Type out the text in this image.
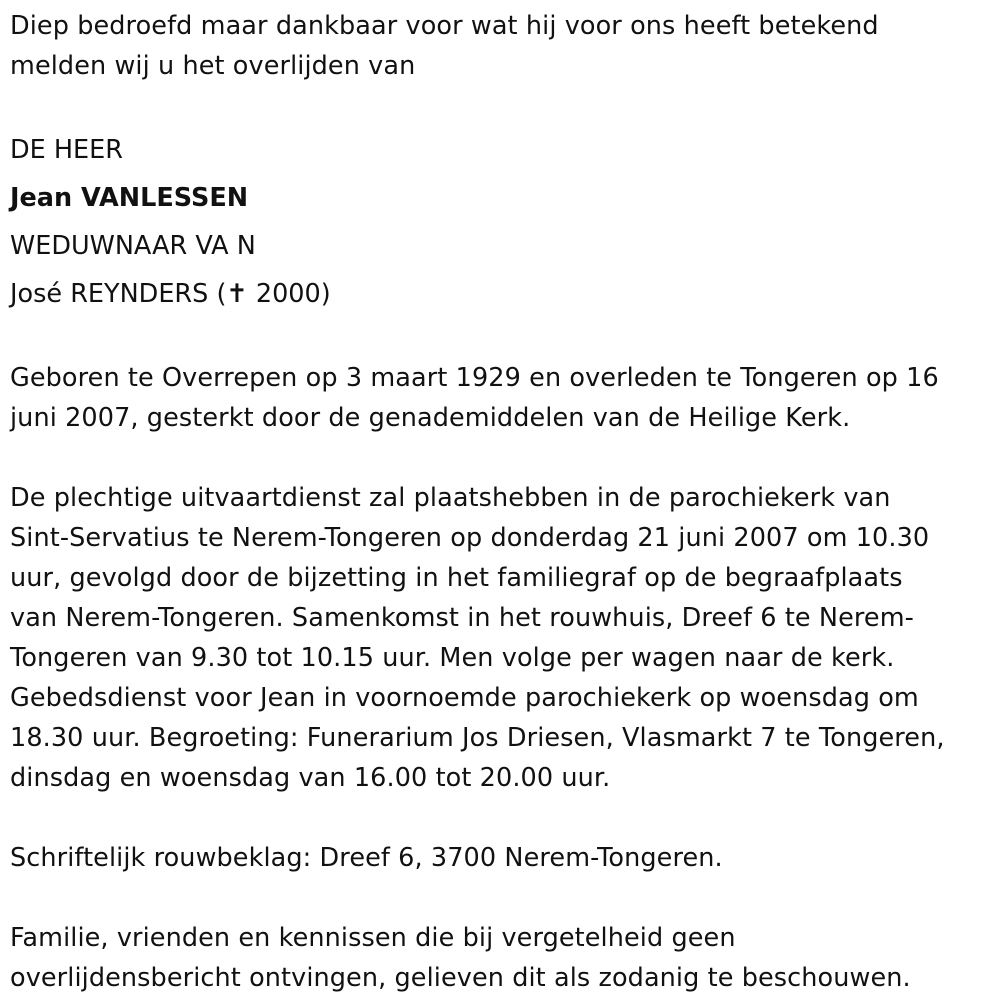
Diep bedroefd maar dankbaar voor wat hij voor ons heeft betekend
melden wij u het overlijden van
DE HEER
Jean VANLESSEN
WEDUWNAAR VA N
José REYNDERS (✝ 2000)
Geboren te Overrepen op 3 maart 1929 en overleden te Tongeren op 16
juni 2007, gesterkt door de genademiddelen van de Heilige Kerk.
De plechtige uitvaartdienst zal plaatshebben in de parochiekerk van
Sint-Servatius te Nerem-Tongeren op donderdag 21 juni 2007 om 10.30
uur, gevolgd door de bijzetting in het familiegraf op de begraafplaats
van Nerem-Tongeren. Samenkomst in het rouwhuis, Dreef 6 te Nerem-
Tongeren van 9.30 tot 10.15 uur. Men volge per wagen naar de kerk.
Gebedsdienst voor Jean in voornoemde parochiekerk op woensdag om
18.30 uur. Begroeting: Funerarium Jos Driesen, Vlasmarkt 7 te Tongeren,
dinsdag en woensdag van 16.00 tot 20.00 uur.
Schriftelijk rouwbeklag: Dreef 6, 3700 Nerem-Tongeren.
Familie, vrienden en kennissen die bij vergetelheid geen
overlijdensbericht ontvingen, gelieven dit als zodanig te beschouwen.
